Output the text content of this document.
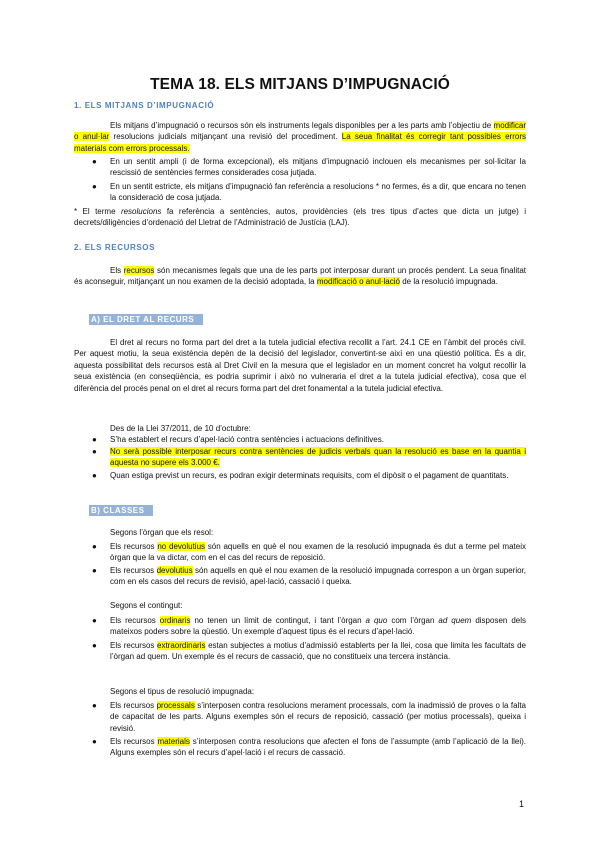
TEMA 18. ELS MITJANS D’IMPUGNACIÓ
1. ELS MITJANS D’IMPUGNACIÓ

Els mitjans d’impugnació o recursos són els instruments legals disponibles per a les parts amb l’objectiu de modificar o anul·lar resolucions judicials mitjançant una revisió del procediment. La seua finalitat és corregir tant possibles errors materials com errors processals.

● En un sentit ampli (i de forma excepcional), els mitjans d’impugnació inclouen els mecanismes per sol·licitar la rescissió de sentències fermes considerades cosa jutjada.

● En un sentit estricte, els mitjans d’impugnació fan referència a resolucions * no fermes, és a dir, que encara no tenen la consideració de cosa jutjada.

* El terme resolucions fa referència a sentències, autos, providències (els tres tipus d’actes que dicta un jutge) i decrets/diligències d’ordenació del Lletrat de l’Administració de Justícia (LAJ).

2. ELS RECURSOS

Els recursos són mecanismes legals que una de les parts pot interposar durant un procés pendent. La seua finalitat és aconseguir, mitjançant un nou examen de la decisió adoptada, la modificació o anul·lació de la resolució impugnada.

A) EL DRET AL RECURS

El dret al recurs no forma part del dret a la tutela judicial efectiva recollit a l’art. 24.1 CE en l’àmbit del procés civil. Per aquest motiu, la seua existència depèn de la decisió del legislador, convertint-se així en una qüestió política. És a dir, aquesta possibilitat dels recursos està al Dret Civil en la mesura que el legislador en un moment concret ha volgut recollir la seua existència (en conseqüència, es podria suprimir i això no vulneraria el dret a la tutela judicial efectiva), cosa que el diferència del procés penal on el dret al recurs forma part del dret fonamental a la tutela judicial efectiva.

Des de la Llei 37/2011, de 10 d’octubre:

● S’ha establert el recurs d’apel·lació contra sentències i actuacions definitives.

● No serà possible interposar recurs contra sentències de judicis verbals quan la resolució es base en la quantia i aquesta no supere els 3.000 €.

● Quan estiga previst un recurs, es podran exigir determinats requisits, com el dipòsit o el pagament de quantitats.

B) CLASSES

Segons l’òrgan que els resol:

● Els recursos no devolutius són aquells en què el nou examen de la resolució impugnada és dut a terme pel mateix òrgan que la va dictar, com en el cas del recurs de reposició.

● Els recursos devolutius són aquells en què el nou examen de la resolució impugnada correspon a un òrgan superior, com en els casos del recurs de revisió, apel·lació, cassació i queixa.

Segons el contingut:

● Els recursos ordinaris no tenen un límit de contingut, i tant l’òrgan a quo com l’òrgan ad quem disposen dels mateixos poders sobre la qüestió. Un exemple d’aquest tipus és el recurs d’apel·lació.

● Els recursos extraordinaris estan subjectes a motius d’admissió establerts per la llei, cosa que limita les facultats de l’òrgan ad quem. Un exemple és el recurs de cassació, que no constitueix una tercera instància.

Segons el tipus de resolució impugnada:

● Els recursos processals s’interposen contra resolucions merament processals, com la inadmissió de proves o la falta de capacitat de les parts. Alguns exemples són el recurs de reposició, cassació (per motius processals), queixa i revisió.

● Els recursos materials s’interposen contra resolucions que afecten el fons de l’assumpte (amb l’aplicació de la llei). Alguns exemples són el recurs d’apel·lació i el recurs de cassació.

1
